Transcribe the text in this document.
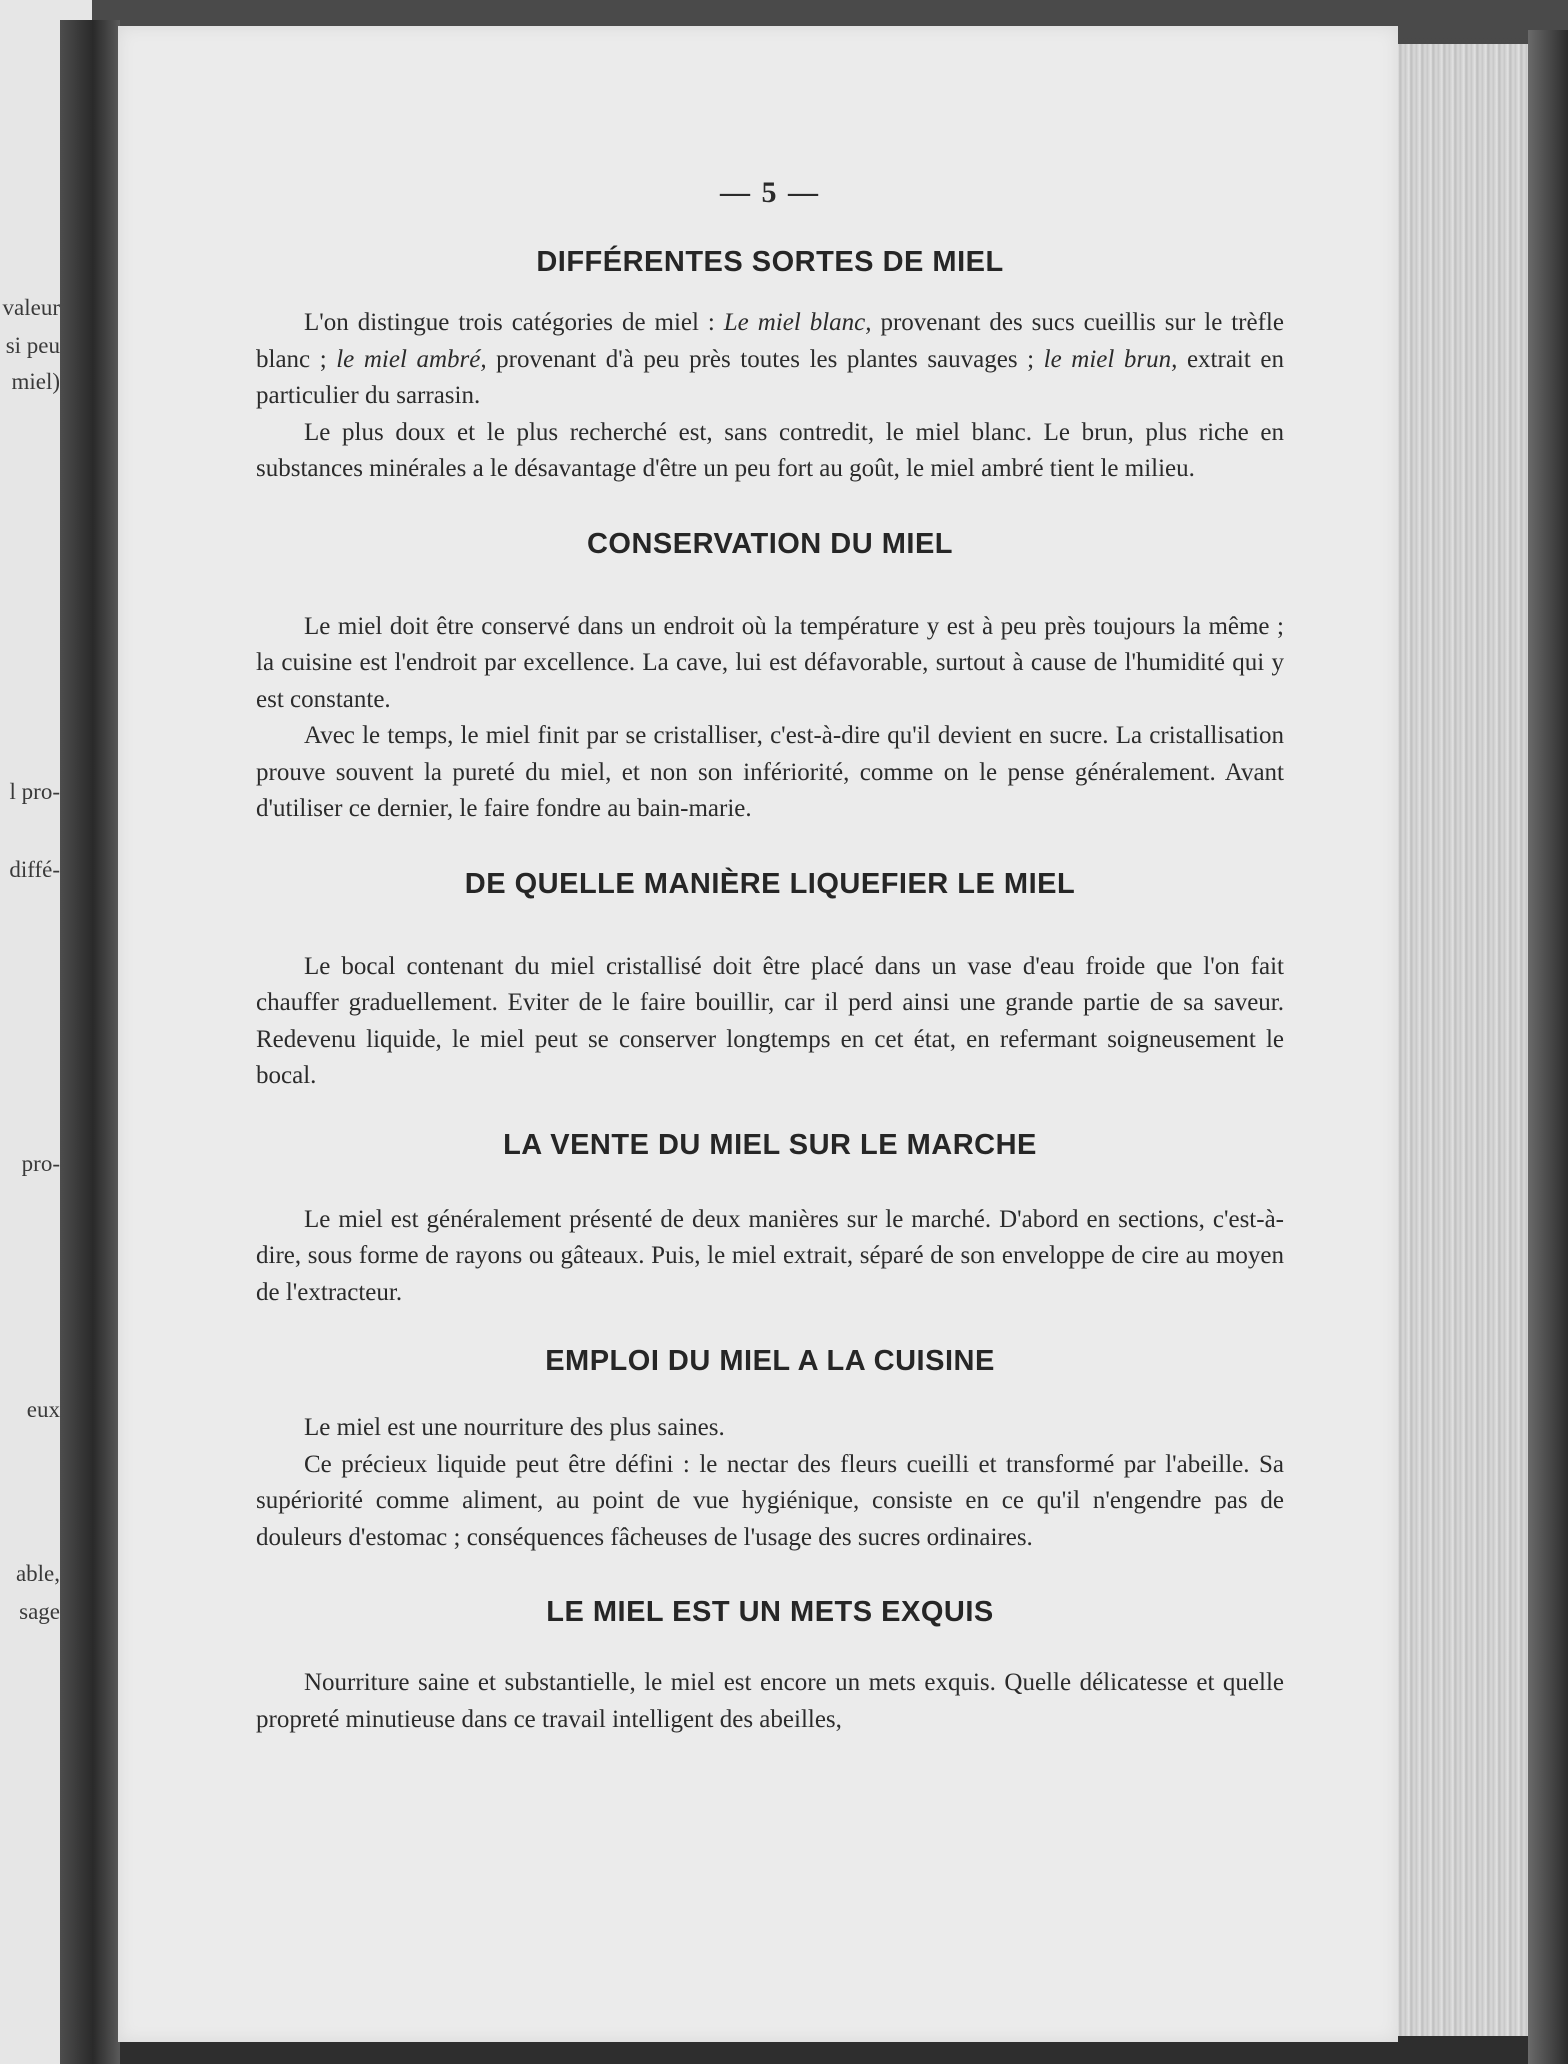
valeur
si peu
miel)
l pro-
diffé-
pro-
eux
able,
sage
— 5 —
DIFFÉRENTES SORTES DE MIEL

L'on distingue trois catégories de miel : Le miel blanc, provenant des sucs cueillis sur le trèfle blanc ; le miel ambré, provenant d'à peu près toutes les plantes sauvages ; le miel brun, extrait en particulier du sarrasin.

Le plus doux et le plus recherché est, sans contredit, le miel blanc. Le brun, plus riche en substances minérales a le désavantage d'être un peu fort au goût, le miel ambré tient le milieu.

CONSERVATION DU MIEL

Le miel doit être conservé dans un endroit où la température y est à peu près toujours la même ; la cuisine est l'endroit par excellence. La cave, lui est défavorable, surtout à cause de l'humidité qui y est constante.

Avec le temps, le miel finit par se cristalliser, c'est-à-dire qu'il devient en sucre. La cristallisation prouve souvent la pureté du miel, et non son infériorité, comme on le pense généralement. Avant d'utiliser ce dernier, le faire fondre au bain-marie.

DE QUELLE MANIÈRE LIQUEFIER LE MIEL

Le bocal contenant du miel cristallisé doit être placé dans un vase d'eau froide que l'on fait chauffer graduellement. Eviter de le faire bouillir, car il perd ainsi une grande partie de sa saveur. Redevenu liquide, le miel peut se conserver longtemps en cet état, en refermant soigneusement le bocal.

LA VENTE DU MIEL SUR LE MARCHE

Le miel est généralement présenté de deux manières sur le marché. D'abord en sections, c'est-à-dire, sous forme de rayons ou gâteaux. Puis, le miel extrait, séparé de son enveloppe de cire au moyen de l'extracteur.

EMPLOI DU MIEL A LA CUISINE

Le miel est une nourriture des plus saines.

Ce précieux liquide peut être défini : le nectar des fleurs cueilli et transformé par l'abeille. Sa supériorité comme aliment, au point de vue hygiénique, consiste en ce qu'il n'engendre pas de douleurs d'estomac ; conséquences fâcheuses de l'usage des sucres ordinaires.

LE MIEL EST UN METS EXQUIS

Nourriture saine et substantielle, le miel est encore un mets exquis. Quelle délicatesse et quelle propreté minutieuse dans ce travail intelligent des abeilles,
